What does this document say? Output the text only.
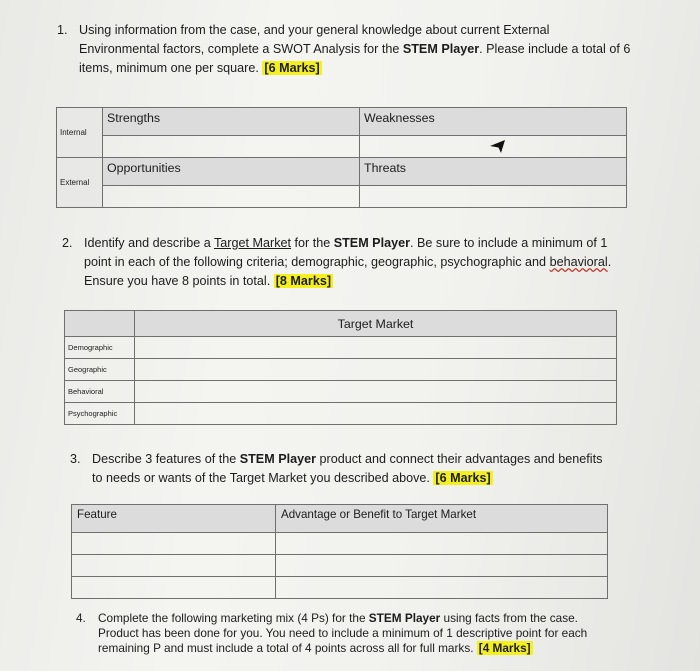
1. Using information from the case, and your general knowledge about current External Environmental factors, complete a SWOT Analysis for the STEM Player. Please include a total of 6 items, minimum one per square. [6 Marks]
Internal	Strengths	Weaknesses

External	Opportunities	Threats

2. Identify and describe a Target Market for the STEM Player. Be sure to include a minimum of 1 point in each of the following criteria; demographic, geographic, psychographic and behavioral. Ensure you have 8 points in total. [8 Marks]
	Target Market
Demographic	
Geographic	
Behavioral	
Psychographic	
3. Describe 3 features of the STEM Player product and connect their advantages and benefits to needs or wants of the Target Market you described above. [6 Marks]
Feature	Advantage or Benefit to Target Market

4. Complete the following marketing mix (4 Ps) for the STEM Player using facts from the case. Product has been done for you. You need to include a minimum of 1 descriptive point for each remaining P and must include a total of 4 points across all for full marks. [4 Marks]
